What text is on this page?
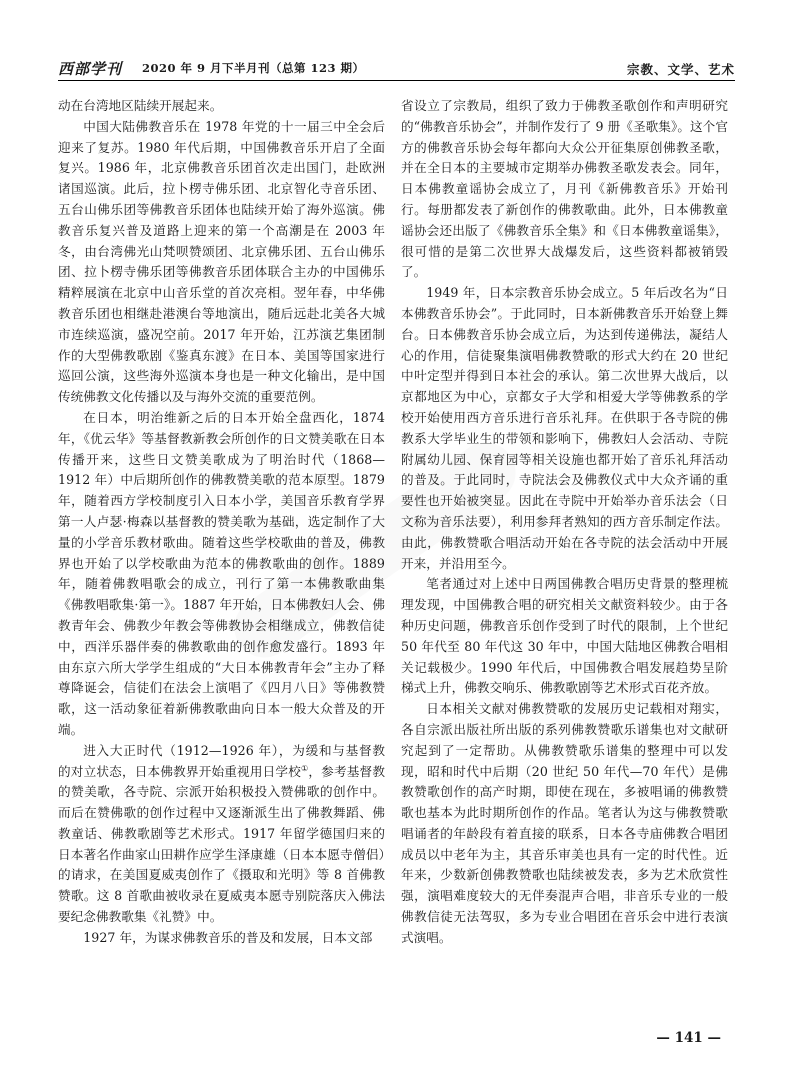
西部学刊 2020 年 9 月下半月刊（总第 123 期）	宗教、文学、艺术

动在台湾地区陆续开展起来。

中国大陆佛教音乐在 1978 年党的十一届三中全会后迎来了复苏。1980 年代后期，中国佛教音乐开启了全面复兴。1986 年，北京佛教音乐团首次走出国门，赴欧洲诸国巡演。此后，拉卜楞寺佛乐团、北京智化寺音乐团、五台山佛乐团等佛教音乐团体也陆续开始了海外巡演。佛教音乐复兴普及道路上迎来的第一个高潮是在 2003 年冬，由台湾佛光山梵呗赞颂团、北京佛乐团、五台山佛乐团、拉卜楞寺佛乐团等佛教音乐团体联合主办的中国佛乐精粹展演在北京中山音乐堂的首次亮相。翌年春，中华佛教音乐团也相继赴港澳台等地演出，随后远赴北美各大城市连续巡演，盛况空前。2017 年开始，江苏演艺集团制作的大型佛教歌剧《鉴真东渡》在日本、美国等国家进行巡回公演，这些海外巡演本身也是一种文化输出，是中国传统佛教文化传播以及与海外交流的重要范例。

在日本，明治维新之后的日本开始全盘西化，1874 年，《优云华》等基督教新教会所创作的日文赞美歌在日本传播开来，这些日文赞美歌成为了明治时代（1868—1912 年）中后期所创作的佛教赞美歌的范本原型。1879 年，随着西方学校制度引入日本小学，美国音乐教育学界第一人卢瑟·梅森以基督教的赞美歌为基础，选定制作了大量的小学音乐教材歌曲。随着这些学校歌曲的普及，佛教界也开始了以学校歌曲为范本的佛教歌曲的创作。1889 年，随着佛教唱歌会的成立，刊行了第一本佛教歌曲集《佛教唱歌集·第一》。1887 年开始，日本佛教妇人会、佛教青年会、佛教少年教会等佛教协会相继成立，佛教信徒中，西洋乐器伴奏的佛教歌曲的创作愈发盛行。1893 年由东京六所大学学生组成的“大日本佛教青年会”主办了释尊降诞会，信徒们在法会上演唱了《四月八日》等佛教赞歌，这一活动象征着新佛教歌曲向日本一般大众普及的开端。

进入大正时代（1912—1926 年），为缓和与基督教的对立状态，日本佛教界开始重视用日学校①，参考基督教的赞美歌，各寺院、宗派开始积极投入赞佛歌的创作中。而后在赞佛歌的创作过程中又逐渐派生出了佛教舞蹈、佛教童话、佛教歌剧等艺术形式。1917 年留学德国归来的日本著名作曲家山田耕作应学生泽康雄（日本本愿寺僧侣）的请求，在美国夏威夷创作了《摄取和光明》等 8 首佛教赞歌。这 8 首歌曲被收录在夏威夷本愿寺别院落庆入佛法要纪念佛教歌集《礼赞》中。

1927 年，为谋求佛教音乐的普及和发展，日本文部

省设立了宗教局，组织了致力于佛教圣歌创作和声明研究的“佛教音乐协会”，并制作发行了 9 册《圣歌集》。这个官方的佛教音乐协会每年都向大众公开征集原创佛教圣歌，并在全日本的主要城市定期举办佛教圣歌发表会。同年，日本佛教童谣协会成立了，月刊《新佛教音乐》开始刊行。每册都发表了新创作的佛教歌曲。此外，日本佛教童谣协会还出版了《佛教音乐全集》和《日本佛教童谣集》，很可惜的是第二次世界大战爆发后，这些资料都被销毁了。

1949 年，日本宗教音乐协会成立。5 年后改名为“日本佛教音乐协会”。于此同时，日本新佛教音乐开始登上舞台。日本佛教音乐协会成立后，为达到传递佛法，凝结人心的作用，信徒聚集演唱佛教赞歌的形式大约在 20 世纪中叶定型并得到日本社会的承认。第二次世界大战后，以京都地区为中心，京都女子大学和相爱大学等佛教系的学校开始使用西方音乐进行音乐礼拜。在供职于各寺院的佛教系大学毕业生的带领和影响下，佛教妇人会活动、寺院附属幼儿园、保育园等相关设施也都开始了音乐礼拜活动的普及。于此同时，寺院法会及佛教仪式中大众齐诵的重要性也开始被突显。因此在寺院中开始举办音乐法会（日文称为音乐法要），利用参拜者熟知的西方音乐制定作法。由此，佛教赞歌合唱活动开始在各寺院的法会活动中开展开来，并沿用至今。

笔者通过对上述中日两国佛教合唱历史背景的整理梳理发现，中国佛教合唱的研究相关文献资料较少。由于各种历史问题，佛教音乐创作受到了时代的限制，上个世纪 50 年代至 80 年代这 30 年中，中国大陆地区佛教合唱相关记载极少。1990 年代后，中国佛教合唱发展趋势呈阶梯式上升，佛教交响乐、佛教歌剧等艺术形式百花齐放。

日本相关文献对佛教赞歌的发展历史记载相对翔实，各自宗派出版社所出版的系列佛教赞歌乐谱集也对文献研究起到了一定帮助。从佛教赞歌乐谱集的整理中可以发现，昭和时代中后期（20 世纪 50 年代—70 年代）是佛教赞歌创作的高产时期，即使在现在，多被唱诵的佛教赞歌也基本为此时期所创作的作品。笔者认为这与佛教赞歌唱诵者的年龄段有着直接的联系，日本各寺庙佛教合唱团成员以中老年为主，其音乐审美也具有一定的时代性。近年来，少数新创佛教赞歌也陆续被发表，多为艺术欣赏性强，演唱难度较大的无伴奏混声合唱，非音乐专业的一般佛教信徒无法驾驭，多为专业合唱团在音乐会中进行表演式演唱。

— 141 —
